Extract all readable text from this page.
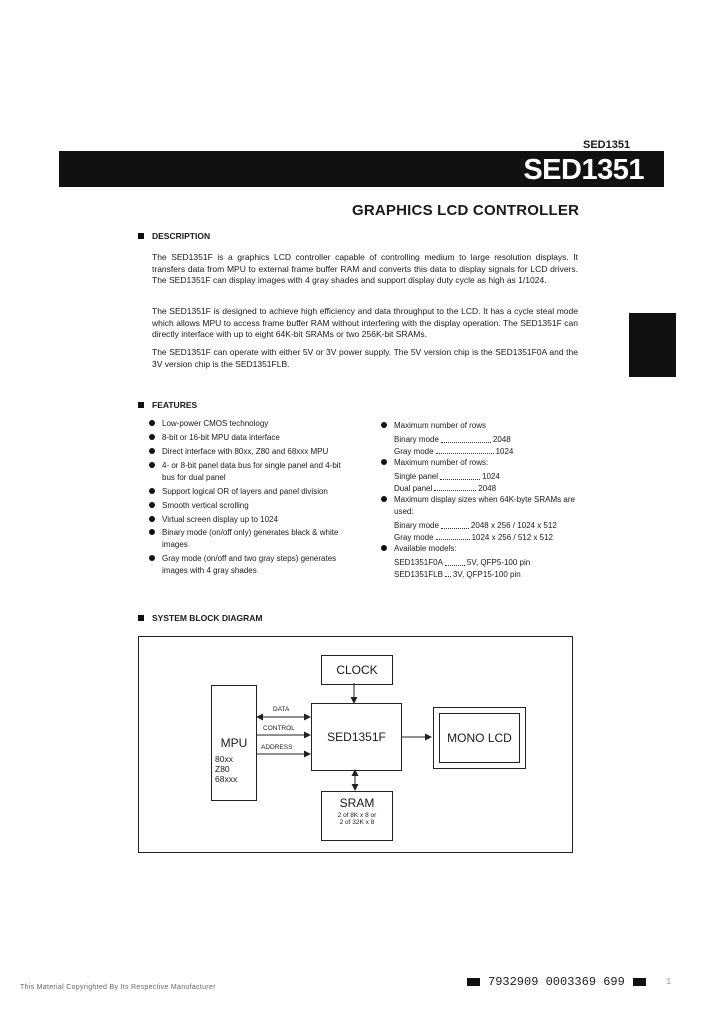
SED1351
SED1351
GRAPHICS LCD CONTROLLER
DESCRIPTION
The SED1351F is a graphics LCD controller capable of controlling medium to large resolution displays. It transfers data from MPU to external frame buffer RAM and converts this data to display signals for LCD drivers. The SED1351F can display images with 4 gray shades and support display duty cycle as high as 1/1024.
The SED1351F is designed to achieve high efficiency and data throughput to the LCD. It has a cycle steal mode which allows MPU to access frame buffer RAM without interfering with the display operation. The SED1351F can directly interface with up to eight 64K-bit SRAMs or two 256K-bit SRAMs.
The SED1351F can operate with either 5V or 3V power supply. The 5V version chip is the SED1351F0A and the 3V version chip is the SED1351FLB.
FEATURES
Low-power CMOS technology
8-bit or 16-bit MPU data interface
Direct interface with 80xx, Z80 and 68xxx MPU
4- or 8-bit panel data bus for single panel and 4-bit bus for dual panel
Support logical OR of layers and panel division
Smooth vertical scrolling
Virtual screen display up to 1024
Binary mode (on/off only) generates black & white images
Gray mode (on/off and two gray steps) generates images with 4 gray shades
Maximum number of rows
Binary mode	2048
Gray mode	1024
Maximum number of rows:
Single panel	1024
Dual panel	2048
Maximum display sizes when 64K-byte SRAMs are used:
Binary mode	2048 x 256 / 1024 x 512
Gray mode	1024 x 256 / 512 x 512
Available models:
SED1351F0A	5V, QFP5-100 pin
SED1351FLB 3V, QFP15-100 pin
SYSTEM BLOCK DIAGRAM
CLOCK
MPU
80xx
Z80
68xxx
DATA
CONTROL
ADDRESS
SED1351F	MONO LCD
SRAM
2 of 8K x 8 or
2 of 32K x 8
This Material Copyrighted By Its Respective Manufacturer	7932909 0003369 699	1
